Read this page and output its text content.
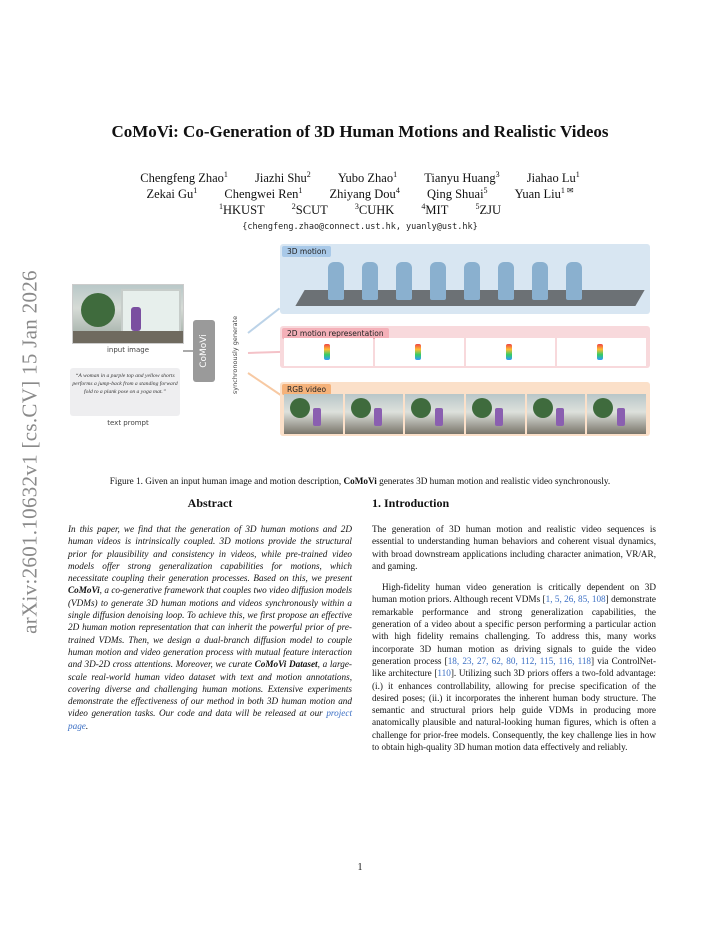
arXiv:2601.10632v1 [cs.CV] 15 Jan 2026
CoMoVi: Co-Generation of 3D Human Motions and Realistic Videos
Chengfeng Zhao$^1$ Jiazhi Shu$^2$ Yubo Zhao$^1$ Tianyu Huang$^3$ Jiahao Lu$^1$
Zekai Gu$^1$ Chengwei Ren$^1$ Zhiyang Dou$^4$ Qing Shuai$^5$ Yuan Liu$^{1 ✉}$
$^1$HKUST	$^2$SCUT	$^3$CUHK	$^4$MIT	$^5$ZJU
{chengfeng.zhao@connect.ust.hk, yuanly@ust.hk}
input image
“A woman in a purple top and yellow shorts performs a jump-back from a standing forward fold to a plank pose on a yoga mat.”
text prompt
CoMoVi	synchronously generate
3D motion
2D motion representation
RGB video
Figure 1. Given an input human image and motion description, CoMoVi generates 3D human motion and realistic video synchronously.
Abstract

In this paper, we find that the generation of 3D human motions and 2D human videos is intrinsically coupled. 3D motions provide the structural prior for plausibility and consistency in videos, while pre-trained video models offer strong generalization capabilities for motions, which necessitate coupling their generation processes. Based on this, we present CoMoVi, a co-generative framework that couples two video diffusion models (VDMs) to generate 3D human motions and videos synchronously within a single diffusion denoising loop. To achieve this, we first propose an effective 2D human motion representation that can inherit the powerful prior of pre-trained VDMs. Then, we design a dual-branch diffusion model to couple human motion and video generation process with mutual feature interaction and 3D-2D cross attentions. Moreover, we curate CoMoVi Dataset, a large-scale real-world human video dataset with text and motion annotations, covering diverse and challenging human motions. Extensive experiments demonstrate the effectiveness of our method in both 3D human motion and video generation tasks. Our code and data will be released at our project page.

1. Introduction

The generation of 3D human motion and realistic video sequences is essential to understanding human behaviors and coherent visual dynamics, with broad downstream applications including character animation, VR/AR, and gaming.

High-fidelity human video generation is critically dependent on 3D human motion priors. Although recent VDMs [1, 5, 26, 85, 108] demonstrate remarkable performance and strong generalization capabilities, the generation of a video about a specific person performing a particular action with high fidelity remains challenging. To address this, many works incorporate 3D human motion as driving signals to guide the video generation process [18, 23, 27, 62, 80, 112, 115, 116, 118] via ControlNet-like architecture [110]. Utilizing such 3D priors offers a two-fold advantage: (i.) it enhances controllability, allowing for precise specification of the desired poses; (ii.) it incorporates the inherent human body structure. The semantic and structural priors help guide VDMs in producing more anatomically plausible and natural-looking human figures, which is often a challenge for prior-free models. Consequently, the key challenge lies in how to obtain high-quality 3D human motion data effectively and reliably.

1
